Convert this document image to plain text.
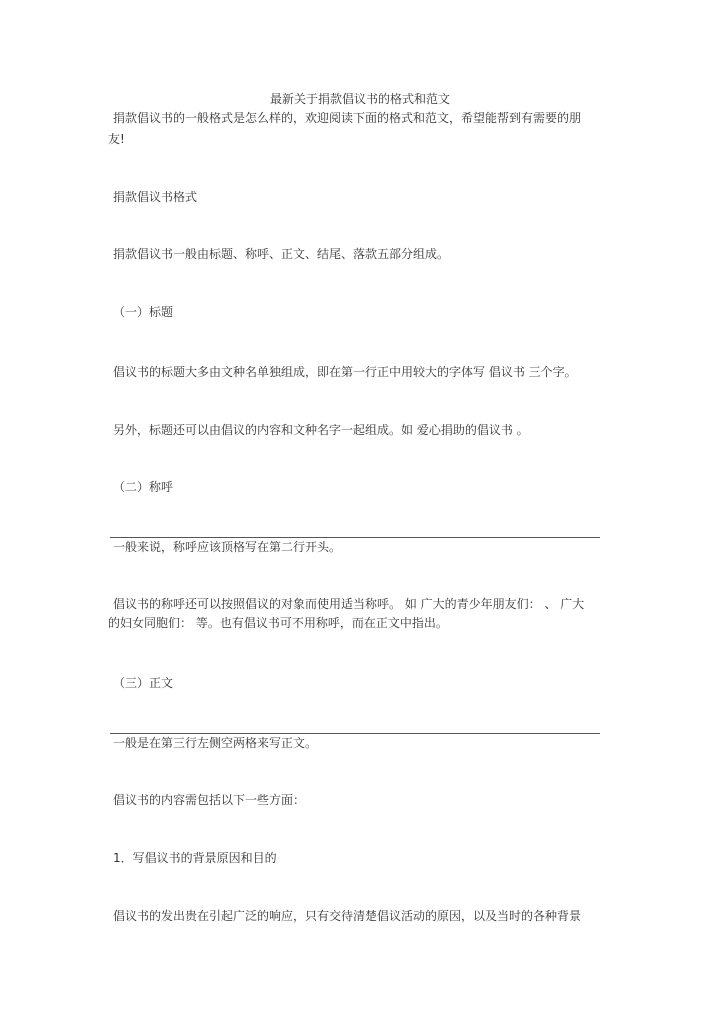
最新关于捐款倡议书的格式和范文
捐款倡议书的一般格式是怎么样的，欢迎阅读下面的格式和范文，希望能帮到有需要的朋
友!
捐款倡议书格式
捐款倡议书一般由标题、称呼、正文、结尾、落款五部分组成。
（一）标题
倡议书的标题大多由文种名单独组成，即在第一行正中用较大的字体写 倡议书 三个字。
另外，标题还可以由倡议的内容和文种名字一起组成。如 爱心捐助的倡议书 。
（二）称呼
一般来说，称呼应该顶格写在第二行开头。
倡议书的称呼还可以按照倡议的对象而使用适当称呼。 如 广大的青少年朋友们： 、 广大
的妇女同胞们： 等。也有倡议书可不用称呼，而在正文中指出。
（三）正文
一般是在第三行左侧空两格来写正文。
倡议书的内容需包括以下一些方面：
1．写倡议书的背景原因和目的
倡议书的发出贵在引起广泛的响应，只有交待清楚倡议活动的原因，以及当时的各种背景
